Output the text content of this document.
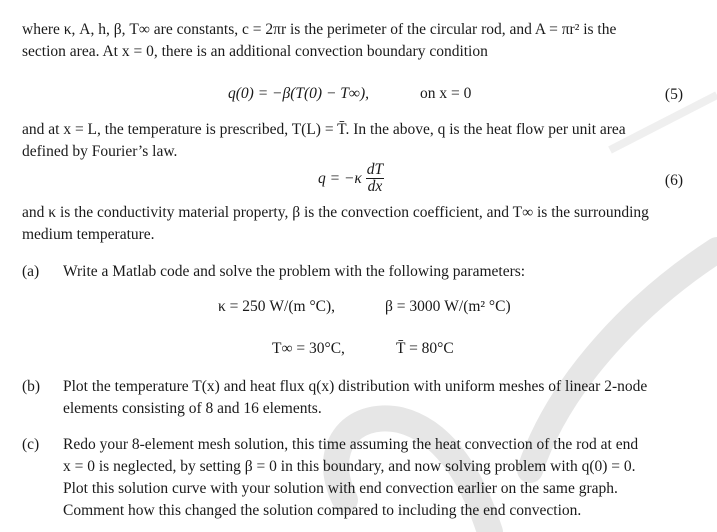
where κ, A, h, β, T∞ are constants, c = 2πr is the perimeter of the circular rod, and A = πr² is the
section area. At x = 0, there is an additional convection boundary condition
q(0) = −β(T(0) − T∞),	on x = 0	(5)
and at x = L, the temperature is prescribed, T(L) = T̄. In the above, q is the heat flow per unit area
defined by Fourier’s law.
$q = -\kappa \frac{dT}{dx}$	(6)
and κ is the conductivity material property, β is the convection coefficient, and T∞ is the surrounding
medium temperature.
(a) Write a Matlab code and solve the problem with the following parameters:
κ = 250 W/(m °C),	β = 3000 W/(m² °C)
T∞ = 30°C,	T̄ = 80°C
(b) Plot the temperature T(x) and heat flux q(x) distribution with uniform meshes of linear 2-node
elements consisting of 8 and 16 elements.
(c) Redo your 8-element mesh solution, this time assuming the heat convection of the rod at end
x = 0 is neglected, by setting β = 0 in this boundary, and now solving problem with q(0) = 0.
Plot this solution curve with your solution with end convection earlier on the same graph.
Comment how this changed the solution compared to including the end convection.
